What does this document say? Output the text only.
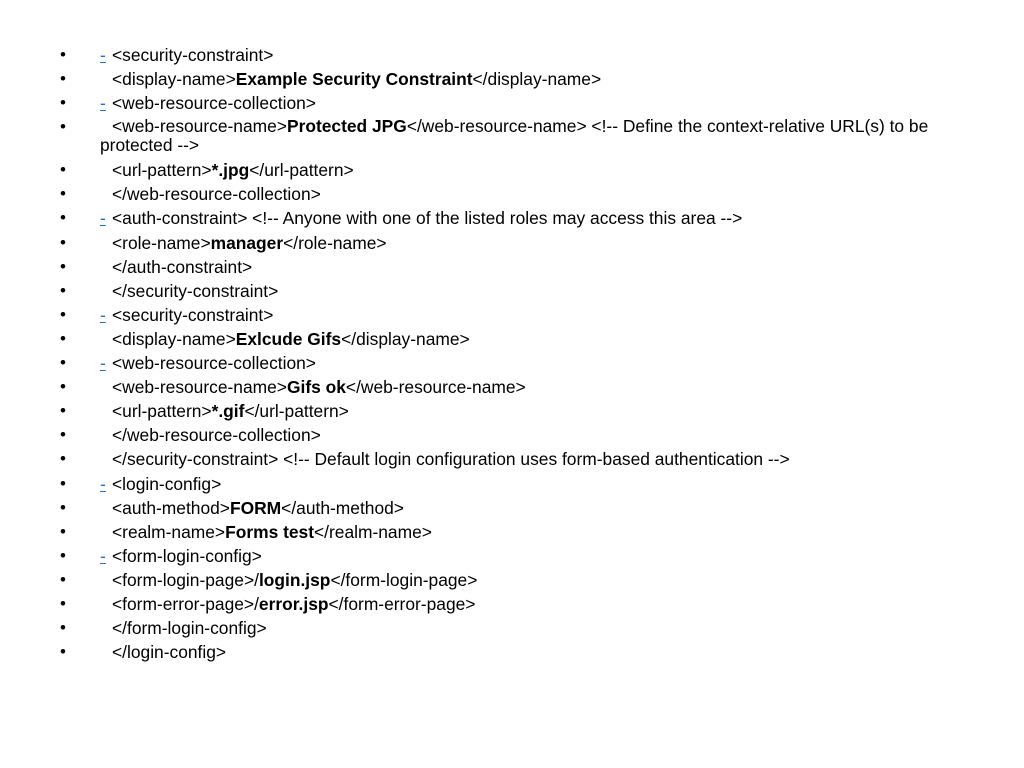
• - <security-constraint>
•	<display-name>Example Security Constraint</display-name>
• - <web-resource-collection>
•	<web-resource-name>Protected JPG</web-resource-name> <!-- Define the context-relative URL(s) to be protected -->
•	<url-pattern>*.jpg</url-pattern>
•	</web-resource-collection>
• - <auth-constraint> <!-- Anyone with one of the listed roles may access this area -->
•	<role-name>manager</role-name>
•	</auth-constraint>
•	</security-constraint>
• - <security-constraint>
•	<display-name>Exlcude Gifs</display-name>
• - <web-resource-collection>
•	<web-resource-name>Gifs ok</web-resource-name>
•	<url-pattern>*.gif</url-pattern>
•	</web-resource-collection>
•	</security-constraint> <!-- Default login configuration uses form-based authentication -->
• - <login-config>
•	<auth-method>FORM</auth-method>
•	<realm-name>Forms test</realm-name>
• - <form-login-config>
•	<form-login-page>/login.jsp</form-login-page>
•	<form-error-page>/error.jsp</form-error-page>
•	</form-login-config>
•	</login-config>
